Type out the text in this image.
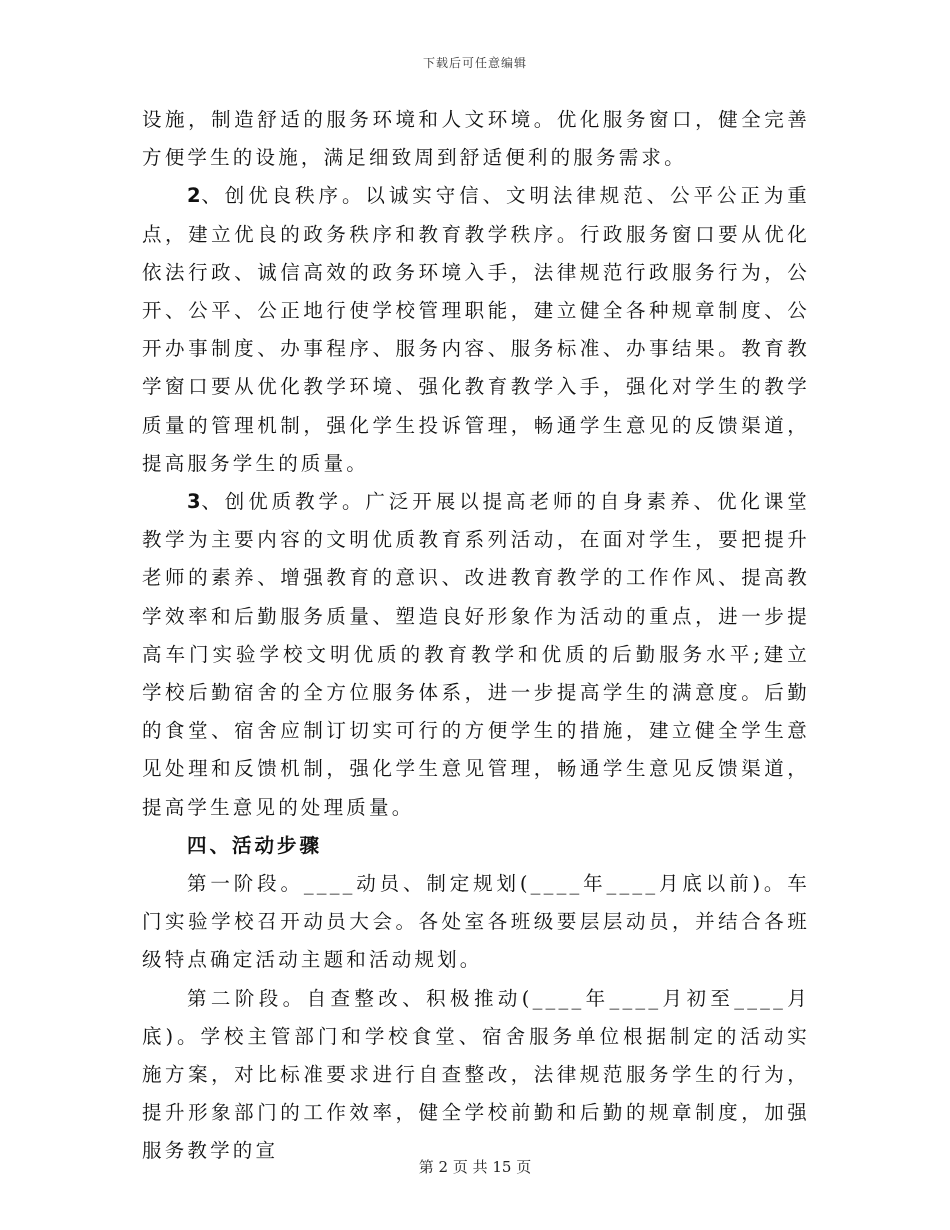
下载后可任意编辑

设施，制造舒适的服务环境和人文环境。优化服务窗口，健全完善方便学生的设施，满足细致周到舒适便利的服务需求。

2、创优良秩序。以诚实守信、文明法律规范、公平公正为重点，建立优良的政务秩序和教育教学秩序。行政服务窗口要从优化依法行政、诚信高效的政务环境入手，法律规范行政服务行为，公开、公平、公正地行使学校管理职能，建立健全各种规章制度、公开办事制度、办事程序、服务内容、服务标准、办事结果。教育教学窗口要从优化教学环境、强化教育教学入手，强化对学生的教学质量的管理机制，强化学生投诉管理，畅通学生意见的反馈渠道，提高服务学生的质量。

3、创优质教学。广泛开展以提高老师的自身素养、优化课堂教学为主要内容的文明优质教育系列活动，在面对学生，要把提升老师的素养、增强教育的意识、改进教育教学的工作作风、提高教学效率和后勤服务质量、塑造良好形象作为活动的重点，进一步提高车门实验学校文明优质的教育教学和优质的后勤服务水平;建立学校后勤宿舍的全方位服务体系，进一步提高学生的满意度。后勤的食堂、宿舍应制订切实可行的方便学生的措施，建立健全学生意见处理和反馈机制，强化学生意见管理，畅通学生意见反馈渠道，提高学生意见的处理质量。

四、活动步骤

第一阶段。____动员、制定规划(____年____月底以前)。车门实验学校召开动员大会。各处室各班级要层层动员，并结合各班级特点确定活动主题和活动规划。

第二阶段。自查整改、积极推动(____年____月初至____月底)。学校主管部门和学校食堂、宿舍服务单位根据制定的活动实施方案，对比标准要求进行自查整改，法律规范服务学生的行为，提升形象部门的工作效率，健全学校前勤和后勤的规章制度，加强服务教学的宣

第 2 页 共 15 页
